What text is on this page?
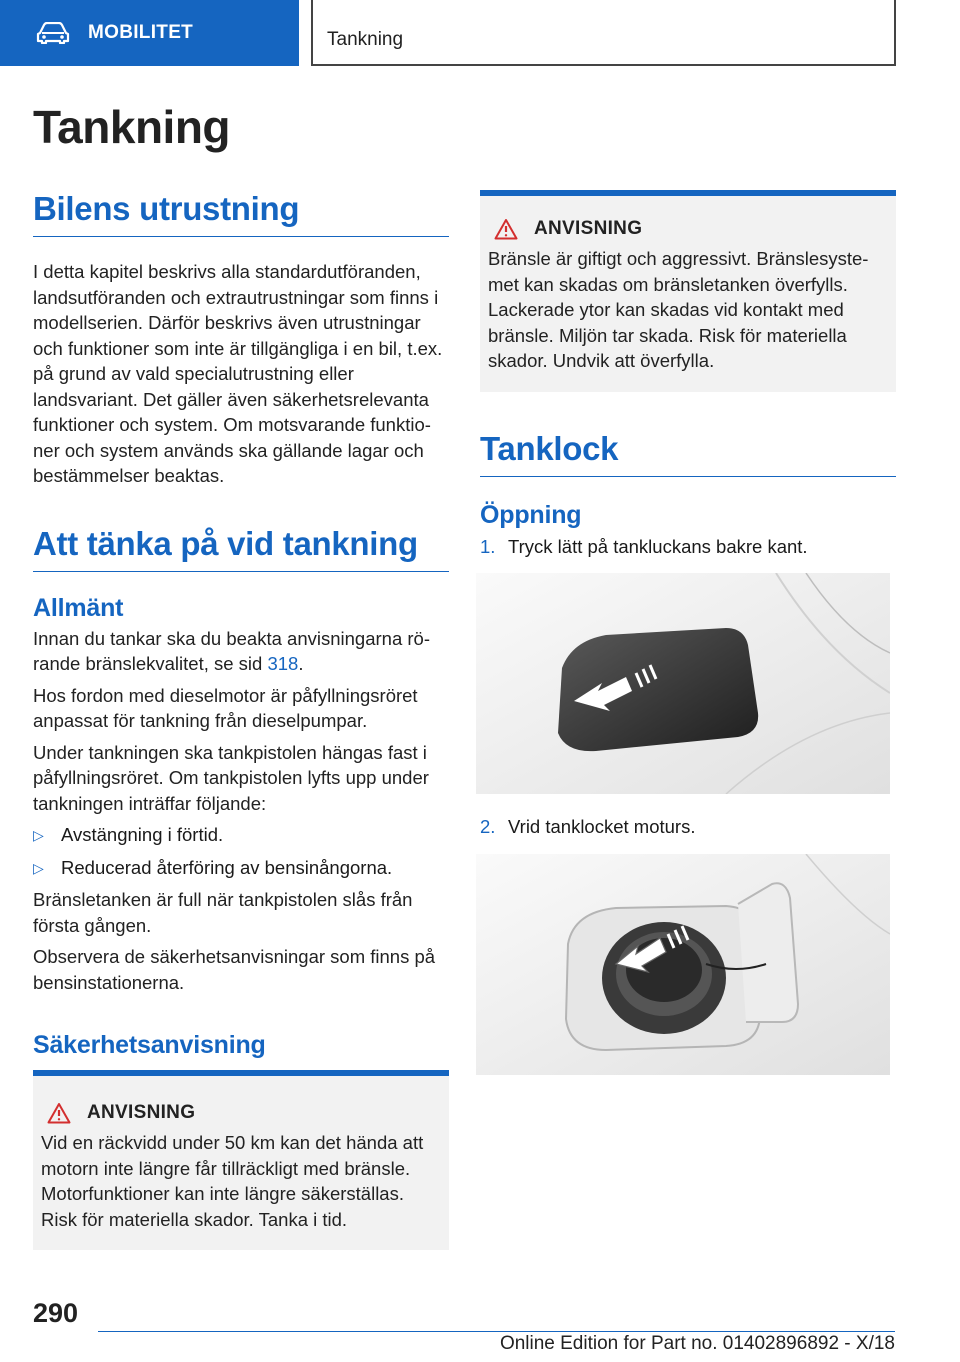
MOBILITET	Tankning
Tankning
Bilens utrustning

I detta kapitel beskrivs alla standardutföranden, landsutföranden och extrautrustningar som finns i modellserien. Därför beskrivs även utrustningar och funktioner som inte är tillgängliga i en bil, t.ex. på grund av vald specialutrustning eller landsvariant. Det gäller även säkerhetsrelevanta funktioner och system. Om motsvarande funktioner och system används ska gällande lagar och bestämmelser beaktas.

Att tänka på vid tankning
Allmänt

Innan du tankar ska du beakta anvisningarna rörande bränslekvalitet, se sid 318.

Hos fordon med dieselmotor är påfyllningsröret anpassat för tankning från dieselpumpar.

Under tankningen ska tankpistolen hängas fast i påfyllningsröret. Om tankpistolen lyfts upp under tankningen inträffar följande:

▷ Avstängning i förtid.
▷ Reducerad återföring av bensinångorna.

Bränsletanken är full när tankpistolen slås från första gången.

Observera de säkerhetsanvisningar som finns på bensinstationerna.

Säkerhetsanvisning
ANVISNING

Vid en räckvidd under 50 km kan det hända att motorn inte längre får tillräckligt med bränsle. Motorfunktioner kan inte längre säkerställas. Risk för materiella skador. Tanka i tid.

ANVISNING

Bränsle är giftigt och aggressivt. Bränslesystemet kan skadas om bränsletanken överfylls. Lackerade ytor kan skadas vid kontakt med bränsle. Miljön tar skada. Risk för materiella skador. Undvik att överfylla.

Tanklock
Öppning
1. Tryck lätt på tankluckans bakre kant.
2. Vrid tanklocket moturs.
290
Online Edition for Part no. 01402896892 - X/18
